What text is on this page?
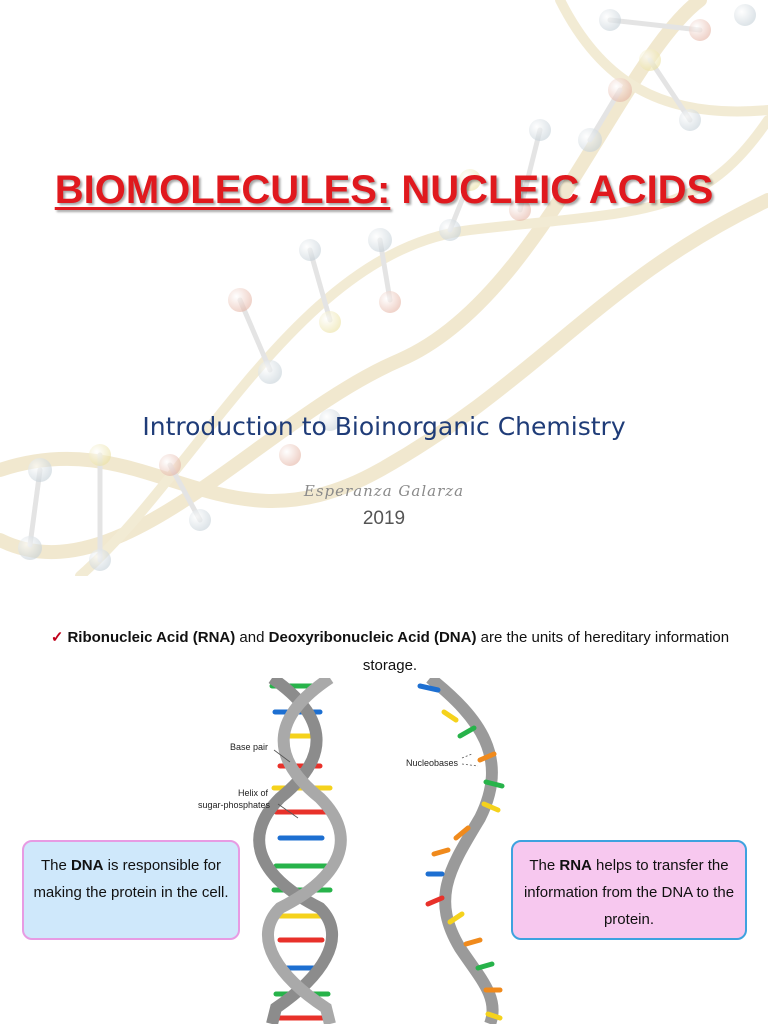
BIOMOLECULES: NUCLEIC ACIDS
Introduction to Bioinorganic Chemistry
Esperanza Galarza
2019
✓ Ribonucleic Acid (RNA) and Deoxyribonucleic Acid (DNA) are the units of hereditary information storage.
Base pair
Helix of
sugar-phosphates
Nucleobases
The DNA is responsible for making the protein in the cell.
The RNA helps to transfer the information from the DNA to the protein.
